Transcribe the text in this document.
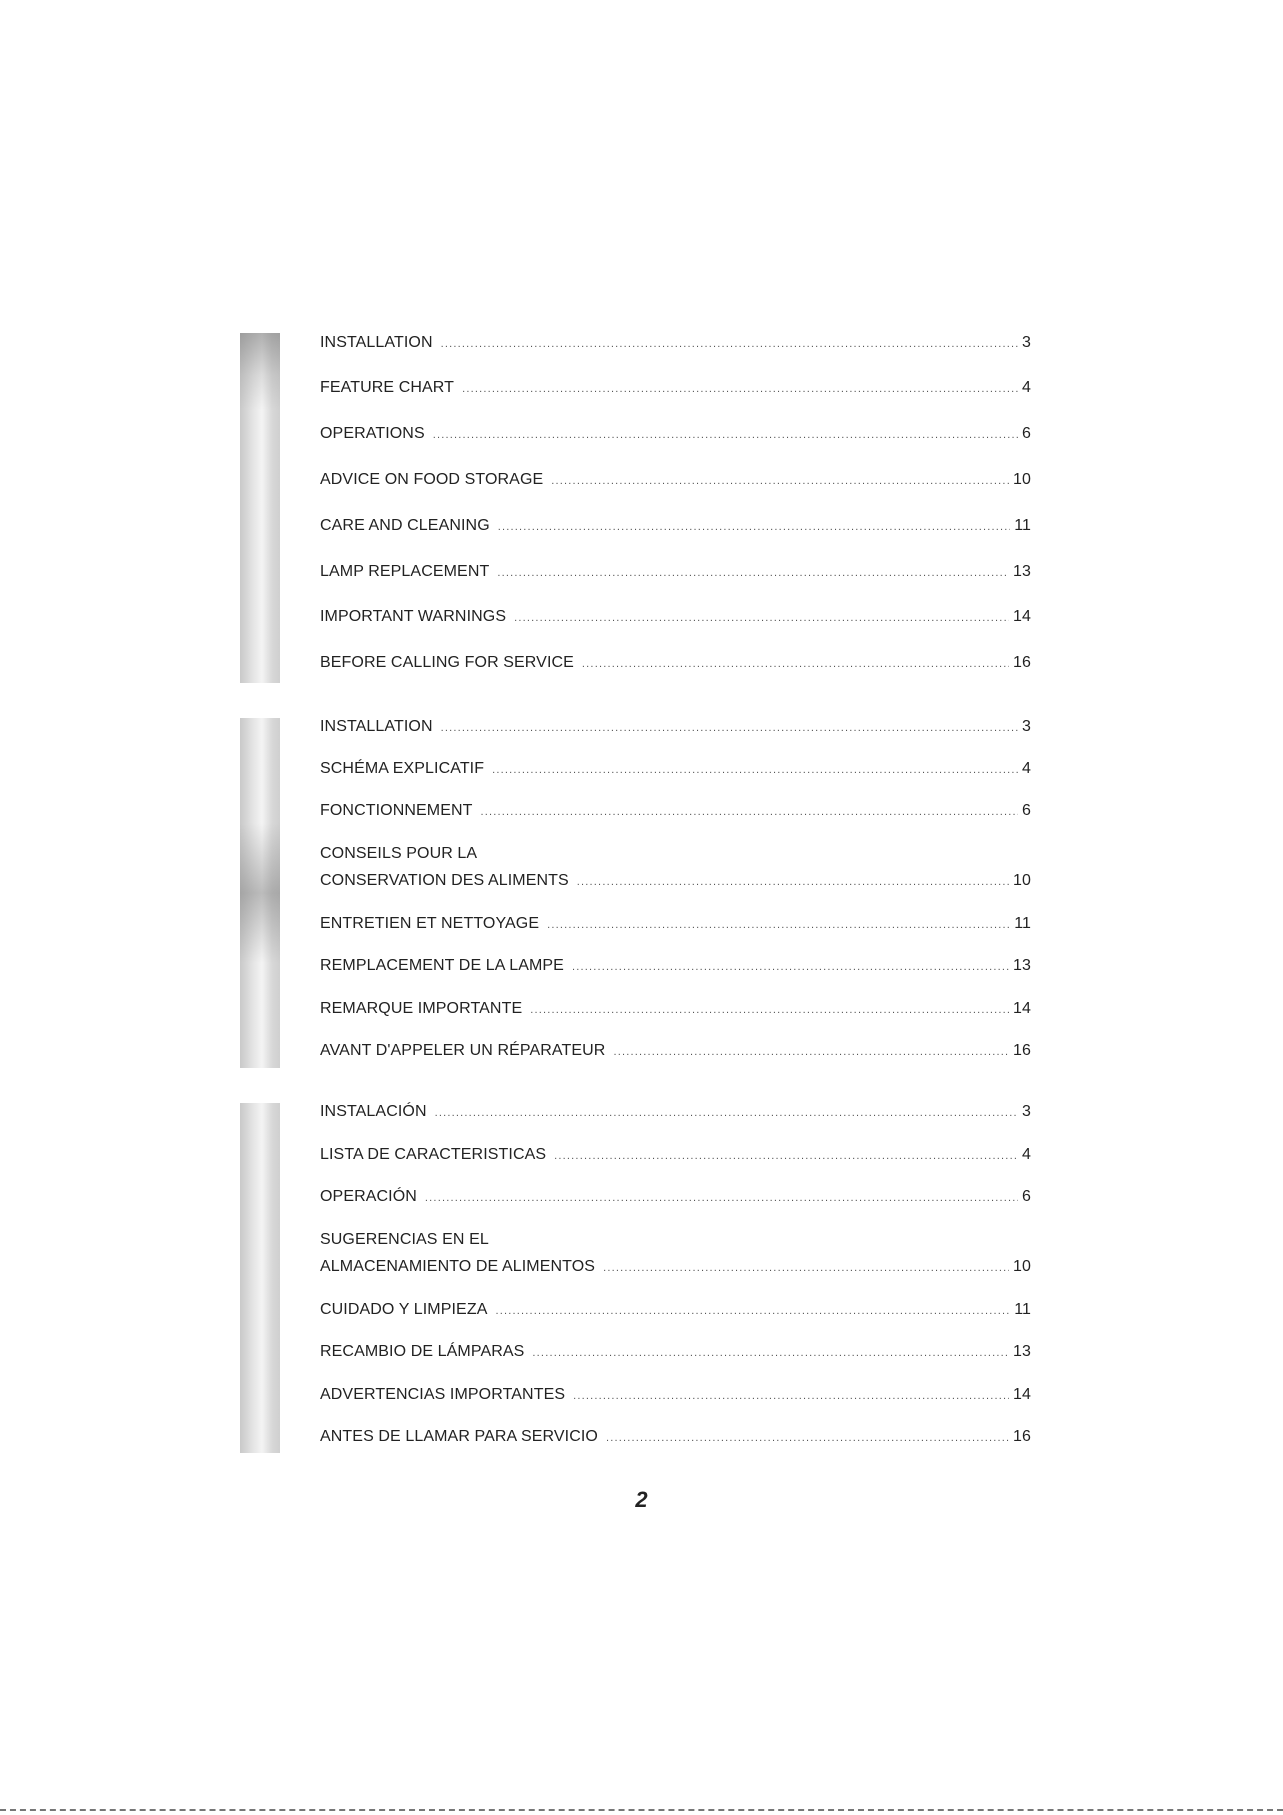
INSTALLATION .....	3
FEATURE CHART .....	4
OPERATIONS .....	6
ADVICE ON FOOD STORAGE .....	10
CARE AND CLEANING .....	11
LAMP REPLACEMENT .....	13
IMPORTANT WARNINGS .....	14
BEFORE CALLING FOR SERVICE .....	16
INSTALLATION .....	3
SCHÉMA EXPLICATIF .....	4
FONCTIONNEMENT .....	6
CONSEILS POUR LA
CONSERVATION DES ALIMENTS .....	10
ENTRETIEN ET NETTOYAGE .....	11
REMPLACEMENT DE LA LAMPE .....	13
REMARQUE IMPORTANTE .....	14
AVANT D'APPELER UN RÉPARATEUR .....	16
INSTALACIÓN .....	3
LISTA DE CARACTERISTICAS .....	4
OPERACIÓN .....	6
SUGERENCIAS EN EL
ALMACENAMIENTO DE ALIMENTOS .....	10
CUIDADO Y LIMPIEZA .....	11
RECAMBIO DE LÁMPARAS .....	13
ADVERTENCIAS IMPORTANTES .....	14
ANTES DE LLAMAR PARA SERVICIO .....	16
2
